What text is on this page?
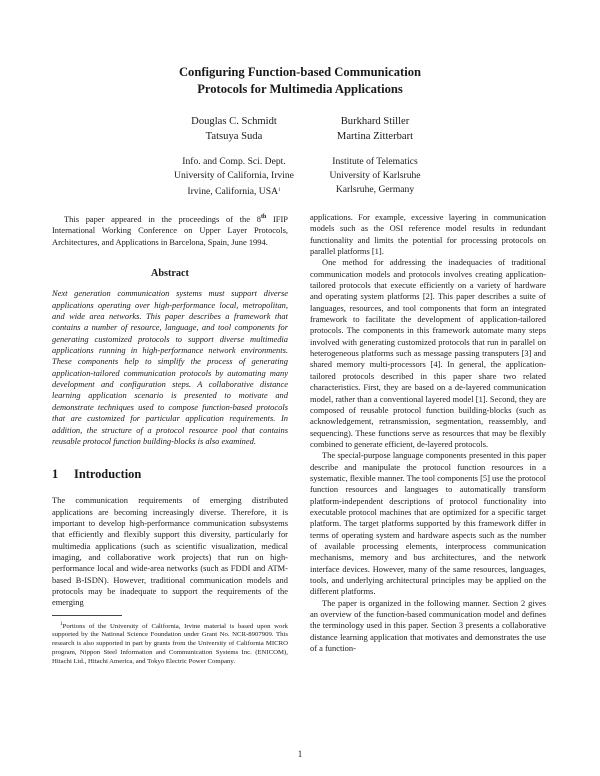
Configuring Function-based Communication
Protocols for Multimedia Applications
Douglas C. Schmidt
Tatsuya Suda
Info. and Comp. Sci. Dept.
University of California, Irvine
Irvine, California, USA$^1$
Burkhard Stiller
Martina Zitterbart
Institute of Telematics
University of Karlsruhe
Karlsruhe, Germany

This paper appeared in the proceedings of the 8th IFIP International Working Conference on Upper Layer Protocols, Architectures, and Applications in Barcelona, Spain, June 1994.

Abstract

Next generation communication systems must support diverse applications operating over high-performance local, metropolitan, and wide area networks. This paper describes a framework that contains a number of resource, language, and tool components for generating customized protocols to support diverse multimedia applications running in high-performance network environments. These components help to simplify the process of generating application-tailored communication protocols by automating many development and configuration steps. A collaborative distance learning application scenario is presented to motivate and demonstrate techniques used to compose function-based protocols that are customized for particular application requirements. In addition, the structure of a protocol resource pool that contains reusable protocol function building-blocks is also examined.

1 Introduction

The communication requirements of emerging distributed applications are becoming increasingly diverse. Therefore, it is important to develop high-performance communication subsystems that efficiently and flexibly support this diversity, particularly for multimedia applications (such as scientific visualization, medical imaging, and collaborative work projects) that run on high-performance local and wide-area networks (such as FDDI and ATM-based B-ISDN). However, traditional communication models and protocols may be inadequate to support the requirements of the emerging

$^1$Portions of the University of California, Irvine material is based upon work supported by the National Science Foundation under Grant No. NCR-8907909. This research is also supported in part by grants from the University of California MICRO program, Nippon Steel Information and Communication Systems Inc. (ENICOM), Hitachi Ltd., Hitachi America, and Tokyo Electric Power Company.

applications. For example, excessive layering in communication models such as the OSI reference model results in redundant functionality and limits the potential for processing protocols on parallel platforms [1].

One method for addressing the inadequacies of traditional communication models and protocols involves creating application-tailored protocols that execute efficiently on a variety of hardware and operating system platforms [2]. This paper describes a suite of languages, resources, and tool components that form an integrated framework to facilitate the development of application-tailored protocols. The components in this framework automate many steps involved with generating customized protocols that run in parallel on heterogeneous platforms such as message passing transputers [3] and shared memory multi-processors [4]. In general, the application-tailored protocols described in this paper share two related characteristics. First, they are based on a de-layered communication model, rather than a conventional layered model [1]. Second, they are composed of reusable protocol function building-blocks (such as acknowledgement, retransmission, segmentation, reassembly, and sequencing). These functions serve as resources that may be flexibly combined to generate efficient, de-layered protocols.

The special-purpose language components presented in this paper describe and manipulate the protocol function resources in a systematic, flexible manner. The tool components [5] use the protocol function resources and languages to automatically transform platform-independent descriptions of protocol functionality into executable protocol machines that are optimized for a specific target platform. The target platforms supported by this framework differ in terms of operating system and hardware aspects such as the number of available processing elements, interprocess communication mechanisms, memory and bus architectures, and the network interface devices. However, many of the same resources, languages, tools, and underlying architectural principles may be applied on the different platforms.

The paper is organized in the following manner. Section 2 gives an overview of the function-based communication model and defines the terminology used in this paper. Section 3 presents a collaborative distance learning application that motivates and demonstrates the use of a function-

1
